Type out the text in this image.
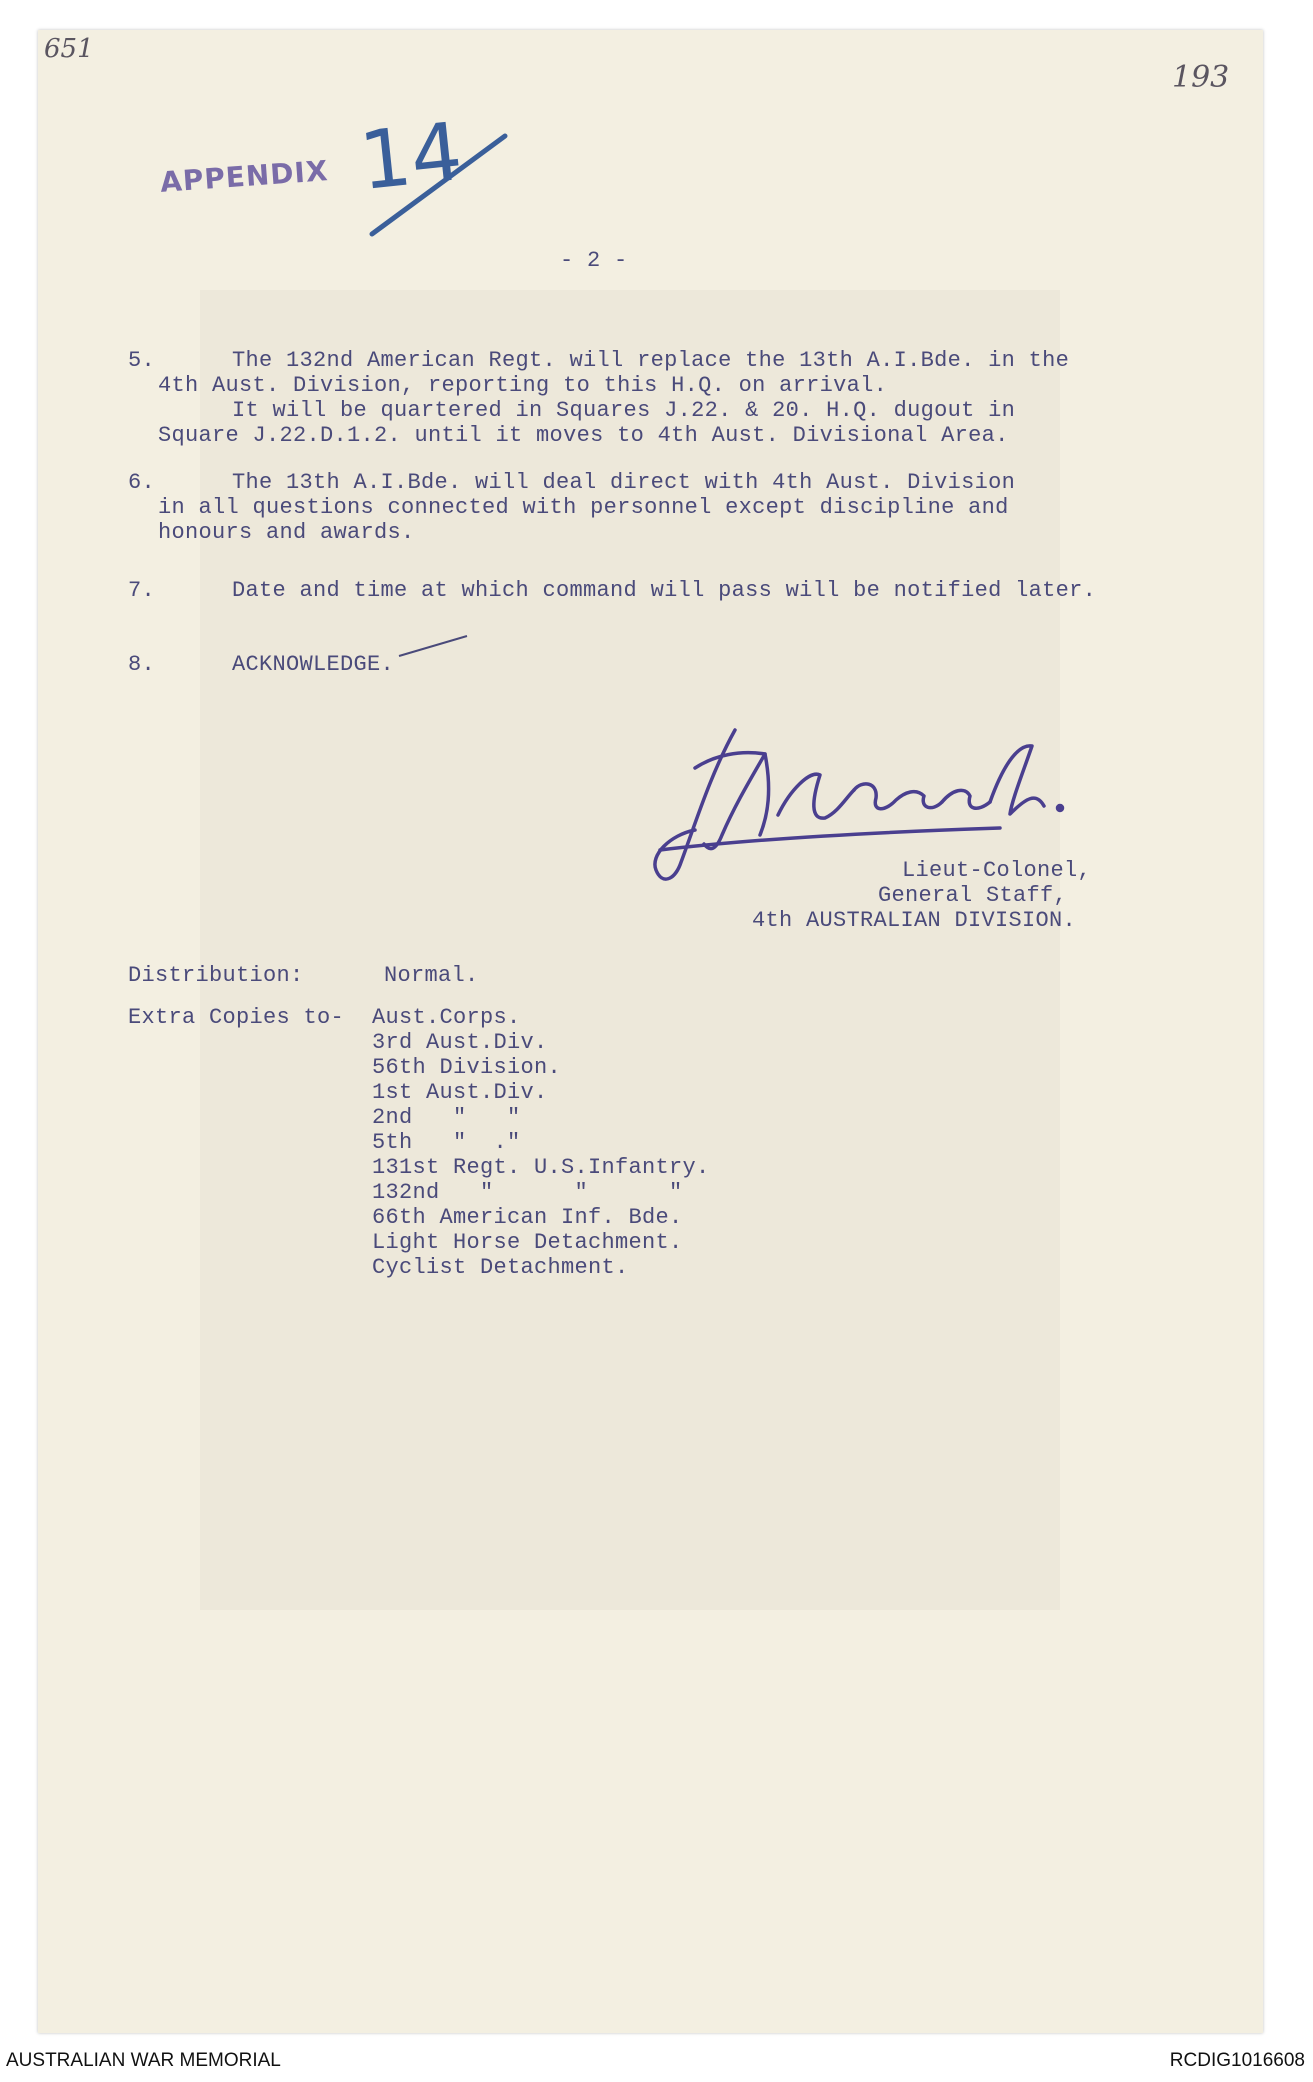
651
193
APPENDIX 14
- 2 -
5.	The 132nd American Regt. will replace the 13th A.I.Bde. in the
4th Aust. Division, reporting to this H.Q. on arrival.
It will be quartered in Squares J.22. & 20. H.Q. dugout in
Square J.22.D.1.2. until it moves to 4th Aust. Divisional Area.
6.	The 13th A.I.Bde. will deal direct with 4th Aust. Division
in all questions connected with personnel except discipline and
honours and awards.
7.	Date and time at which command will pass will be notified later.
8.	ACKNOWLEDGE.
Lieut-Colonel,
General Staff,
4th AUSTRALIAN DIVISION.
Distribution:	Normal.
Extra Copies to- Aust.Corps.
3rd Aust.Div.
56th Division.
1st Aust.Div.
2nd   "   "
5th   "  ."
131st Regt. U.S.Infantry.
132nd   "      "      "
66th American Inf. Bde.
Light Horse Detachment.
Cyclist Detachment.
AUSTRALIAN WAR MEMORIAL	RCDIG1016608
